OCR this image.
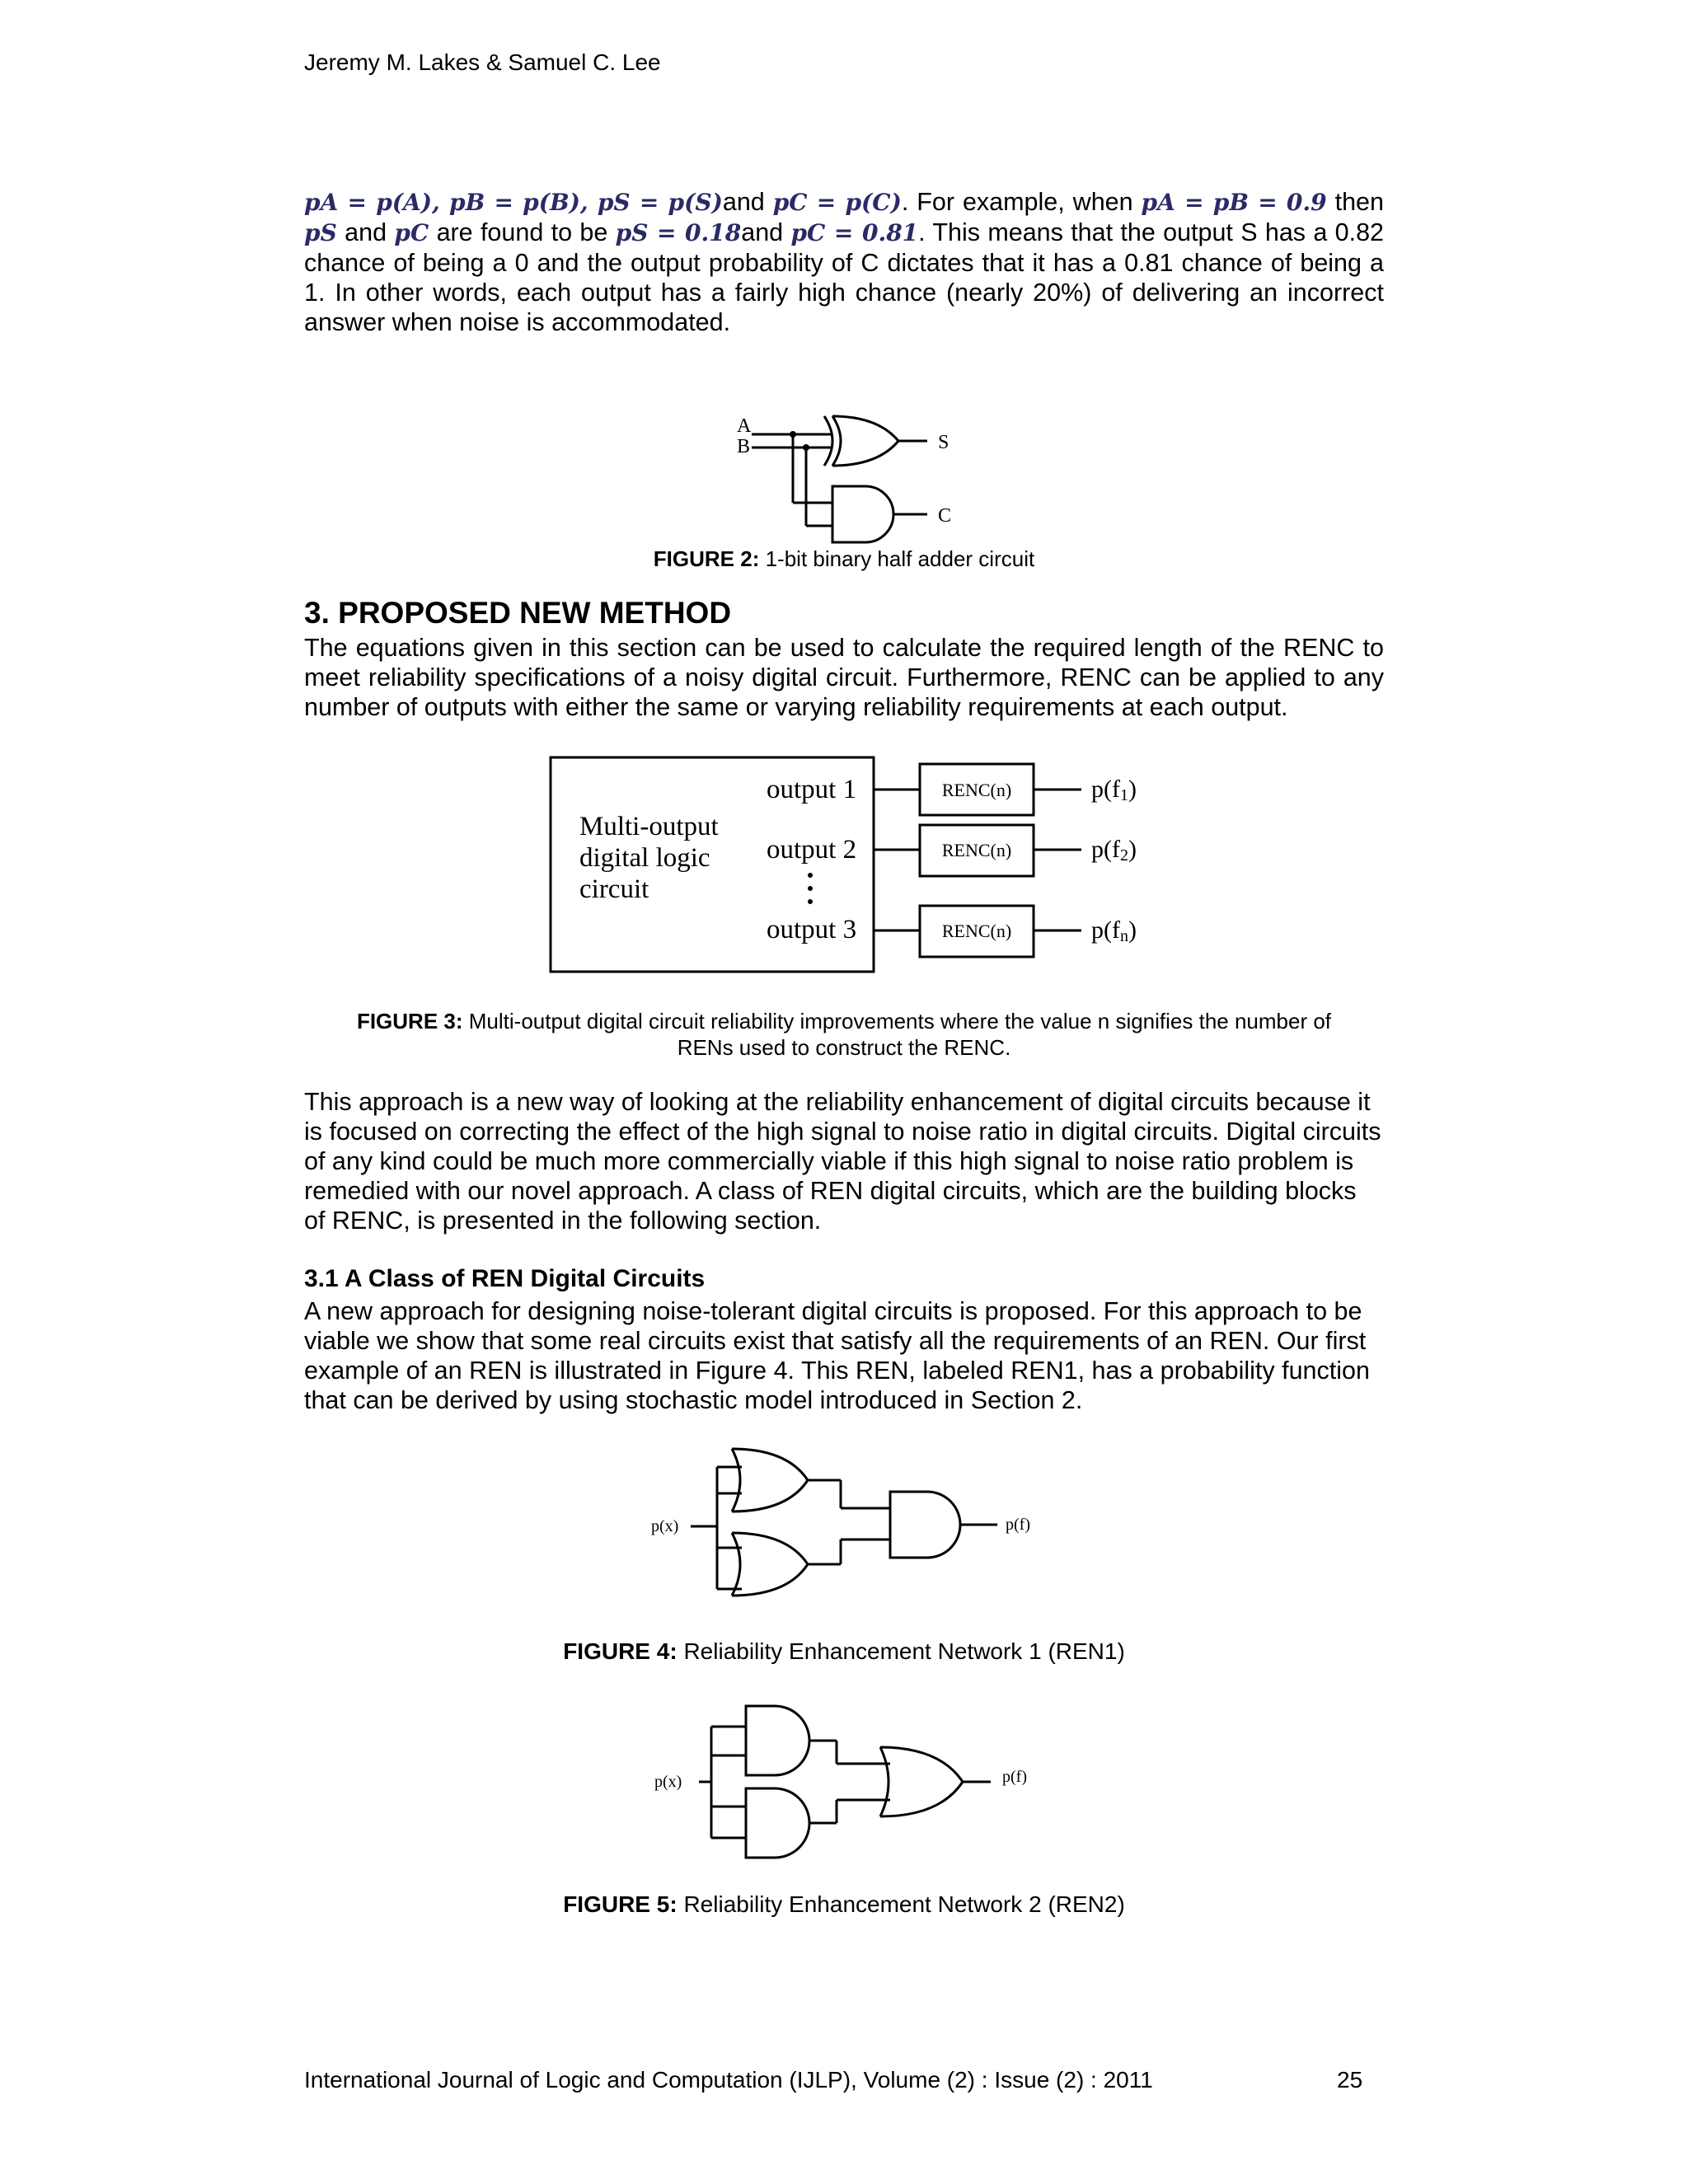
Jeremy M. Lakes & Samuel C. Lee

pA = p(A), pB = p(B), pS = p(S)and pC = p(C). For example, when pA = pB = 0.9 then pS and pC are found to be pS = 0.18and pC = 0.81. This means that the output S has a 0.82 chance of being a 0 and the output probability of C dictates that it has a 0.81 chance of being a 1. In other words, each output has a fairly high chance (nearly 20%) of delivering an incorrect answer when noise is accommodated.

A
B	S
C
FIGURE 2: 1-bit binary half adder circuit
3. PROPOSED NEW METHOD

The equations given in this section can be used to calculate the required length of the RENC to meet reliability specifications of a noisy digital circuit. Furthermore, RENC can be applied to any number of outputs with either the same or varying reliability requirements at each output.

Multi-output
digital logic
circuit
output 1
output 2
output 3
RENC(n)
RENC(n)
RENC(n)
p(f1)
p(f2)
p(fn)
FIGURE 3: Multi-output digital circuit reliability improvements where the value n signifies the number of
RENs used to construct the RENC.

This approach is a new way of looking at the reliability enhancement of digital circuits because it is focused on correcting the effect of the high signal to noise ratio in digital circuits. Digital circuits of any kind could be much more commercially viable if this high signal to noise ratio problem is remedied with our novel approach. A class of REN digital circuits, which are the building blocks of RENC, is presented in the following section.

3.1 A Class of REN Digital Circuits

A new approach for designing noise-tolerant digital circuits is proposed. For this approach to be viable we show that some real circuits exist that satisfy all the requirements of an REN. Our first example of an REN is illustrated in Figure 4. This REN, labeled REN1, has a probability function that can be derived by using stochastic model introduced in Section 2.

p(x)	p(f)
FIGURE 4: Reliability Enhancement Network 1 (REN1)
p(x)	p(f)
FIGURE 5: Reliability Enhancement Network 2 (REN2)
International Journal of Logic and Computation (IJLP), Volume (2) : Issue (2) : 2011	25
